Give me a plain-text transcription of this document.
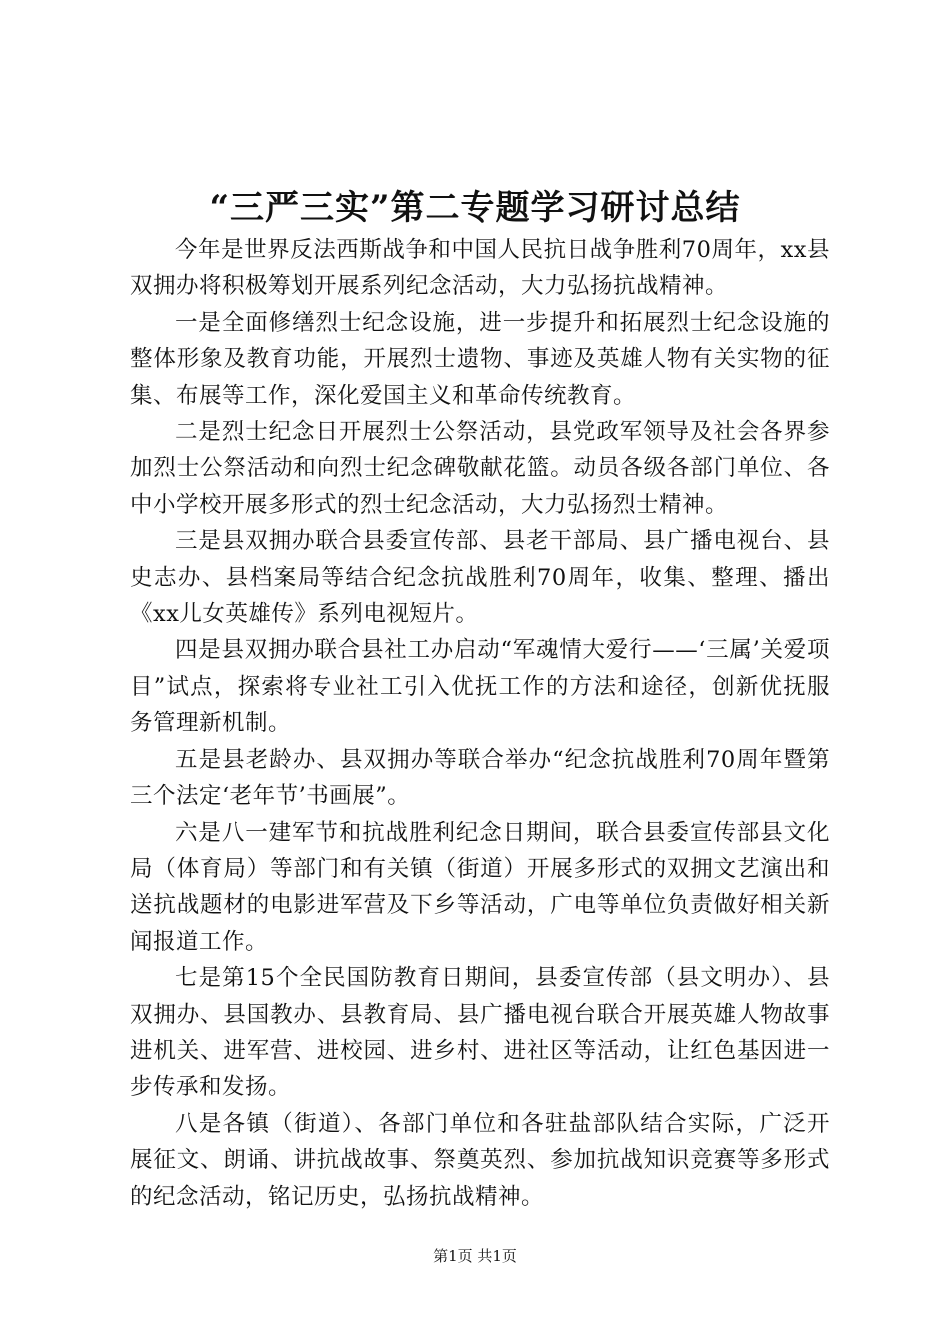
“三严三实”第二专题学习研讨总结

今年是世界反法西斯战争和中国人民抗日战争胜利70周年，xx县双拥办将积极筹划开展系列纪念活动，大力弘扬抗战精神。

一是全面修缮烈士纪念设施，进一步提升和拓展烈士纪念设施的整体形象及教育功能，开展烈士遗物、事迹及英雄人物有关实物的征集、布展等工作，深化爱国主义和革命传统教育。

二是烈士纪念日开展烈士公祭活动，县党政军领导及社会各界参加烈士公祭活动和向烈士纪念碑敬献花篮。动员各级各部门单位、各中小学校开展多形式的烈士纪念活动，大力弘扬烈士精神。

三是县双拥办联合县委宣传部、县老干部局、县广播电视台、县史志办、县档案局等结合纪念抗战胜利70周年，收集、整理、播出《xx儿女英雄传》系列电视短片。

四是县双拥办联合县社工办启动“军魂情大爱行——‘三属’关爱项目”试点，探索将专业社工引入优抚工作的方法和途径，创新优抚服务管理新机制。

五是县老龄办、县双拥办等联合举办“纪念抗战胜利70周年暨第三个法定‘老年节’书画展”。

六是八一建军节和抗战胜利纪念日期间，联合县委宣传部县文化局（体育局）等部门和有关镇（街道）开展多形式的双拥文艺演出和送抗战题材的电影进军营及下乡等活动，广电等单位负责做好相关新闻报道工作。

七是第15个全民国防教育日期间，县委宣传部（县文明办）、县双拥办、县国教办、县教育局、县广播电视台联合开展英雄人物故事进机关、进军营、进校园、进乡村、进社区等活动，让红色基因进一步传承和发扬。

八是各镇（街道）、各部门单位和各驻盐部队结合实际，广泛开展征文、朗诵、讲抗战故事、祭奠英烈、参加抗战知识竞赛等多形式的纪念活动，铭记历史，弘扬抗战精神。

第1页 共1页
